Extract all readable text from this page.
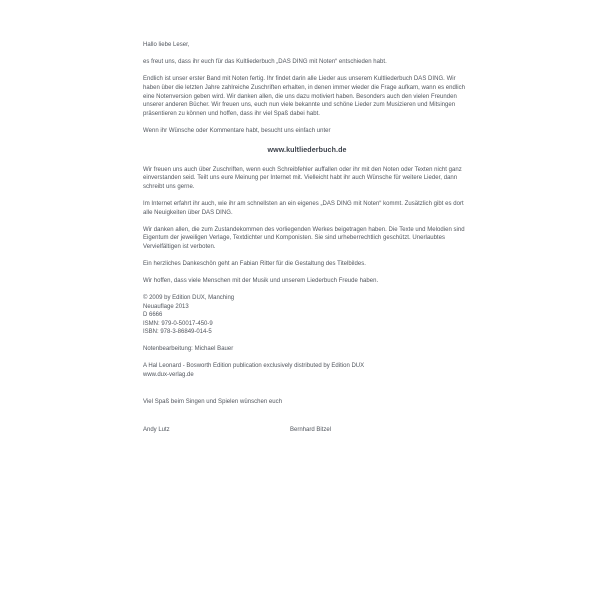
Hallo liebe Leser,

es freut uns, dass ihr euch für das Kultliederbuch „DAS DING mit Noten“ entschieden habt.

Endlich ist unser erster Band mit Noten fertig. Ihr findet darin alle Lieder aus unserem Kultliederbuch DAS DING. Wir haben über die letzten Jahre zahlreiche Zuschriften erhalten, in denen immer wieder die Frage aufkam, wann es endlich eine Notenversion geben wird. Wir danken allen, die uns dazu motiviert haben. Besonders auch den vielen Freunden unserer anderen Bücher. Wir freuen uns, euch nun viele bekannte und schöne Lieder zum Musizieren und Mitsingen präsentieren zu können und hoffen, dass ihr viel Spaß dabei habt.

Wenn ihr Wünsche oder Kommentare habt, besucht uns einfach unter

www.kultliederbuch.de

Wir freuen uns auch über Zuschriften, wenn euch Schreibfehler auffallen oder ihr mit den Noten oder Texten nicht ganz einverstanden seid. Teilt uns eure Meinung per Internet mit. Vielleicht habt ihr auch Wünsche für weitere Lieder, dann schreibt uns gerne.

Im Internet erfahrt ihr auch, wie ihr am schnellsten an ein eigenes „DAS DING mit Noten“ kommt. Zusätzlich gibt es dort alle Neuigkeiten über DAS DING.

Wir danken allen, die zum Zustandekommen des vorliegenden Werkes beigetragen haben. Die Texte und Melodien sind Eigentum der jeweiligen Verlage, Textdichter und Komponisten. Sie sind urheberrechtlich geschützt. Unerlaubtes Vervielfältigen ist verboten.

Ein herzliches Dankeschön geht an Fabian Ritter für die Gestaltung des Titelbildes.

Wir hoffen, dass viele Menschen mit der Musik und unserem Liederbuch Freude haben.

© 2009 by Edition DUX, Manching
Neuauflage 2013
D 6666
ISMN: 979-0-50017-450-9
ISBN: 978-3-86849-014-5

Notenbearbeitung: Michael Bauer

A Hal Leonard - Bosworth Edition publication exclusively distributed by Edition DUX
www.dux-verlag.de

Viel Spaß beim Singen und Spielen wünschen euch

Andy Lutz	Bernhard Bitzel
